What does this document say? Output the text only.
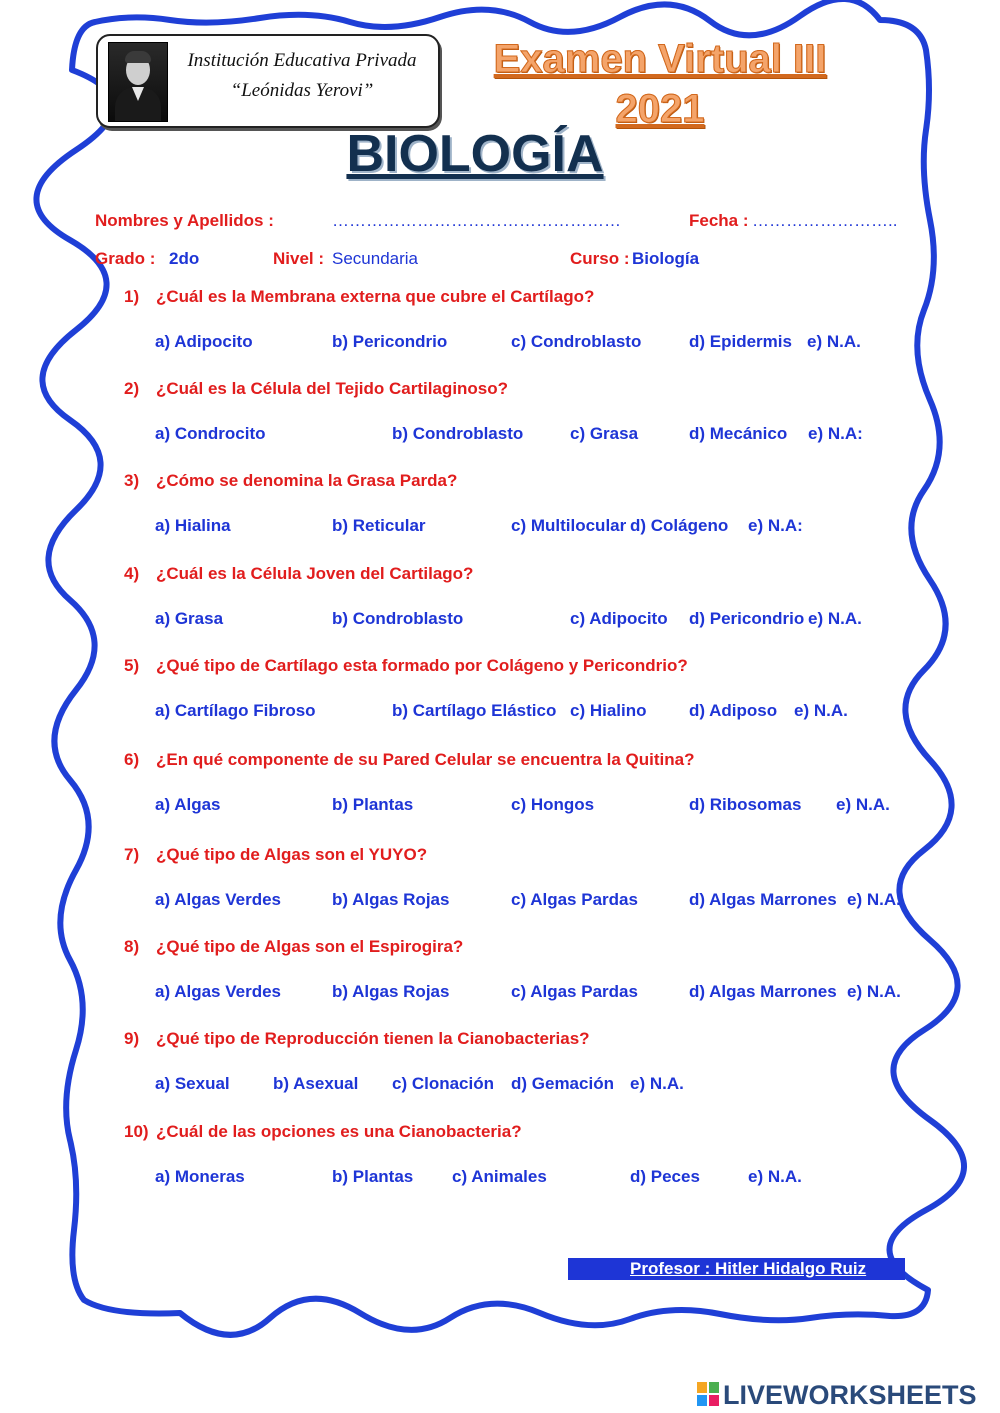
Institución Educativa Privada
“Leónidas Yerovi”
Examen Virtual III
2021
BIOLOGÍA
Nombres y Apellidos :	……………………………………………	Fecha : ……………………..
Grado : 2do	Nivel : Secundaria	Curso : Biología
1) ¿Cuál es la Membrana externa que cubre el Cartílago?
a) Adipocito	b) Pericondrio	c) Condroblasto	d) Epidermis e) N.A.
2) ¿Cuál es la Célula del Tejido Cartilaginoso?
a) Condrocito	b) Condroblasto	c) Grasa	d) Mecánico e) N.A:
3) ¿Cómo se denomina la Grasa Parda?
a) Hialina	b) Reticular	c) Multilocular d) Colágeno e) N.A:
4) ¿Cuál es la Célula Joven del Cartilago?
a) Grasa	b) Condroblasto	c) Adipocito d) Pericondrio e) N.A.
5) ¿Qué tipo de Cartílago esta formado por Colágeno y Pericondrio?
a) Cartílago Fibroso	b) Cartílago Elástico c) Hialino d) Adiposo e) N.A.
6) ¿En qué componente de su Pared Celular se encuentra la Quitina?
a) Algas	b) Plantas	c) Hongos	d) Ribosomas e) N.A.
7) ¿Qué tipo de Algas son el YUYO?
a) Algas Verdes	b) Algas Rojas	c) Algas Pardas	d) Algas Marrones e) N.A.
8) ¿Qué tipo de Algas son el Espirogira?
a) Algas Verdes	b) Algas Rojas	c) Algas Pardas	d) Algas Marrones e) N.A.
9) ¿Qué tipo de Reproducción tienen la Cianobacterias?
a) Sexual	b) Asexual c) Clonación d) Gemación e) N.A.
10) ¿Cuál de las opciones es una Cianobacteria?
a) Moneras	b) Plantas c) Animales	d) Peces	e) N.A.
Profesor : Hitler Hidalgo Ruiz
LIVEWORKSHEETS
